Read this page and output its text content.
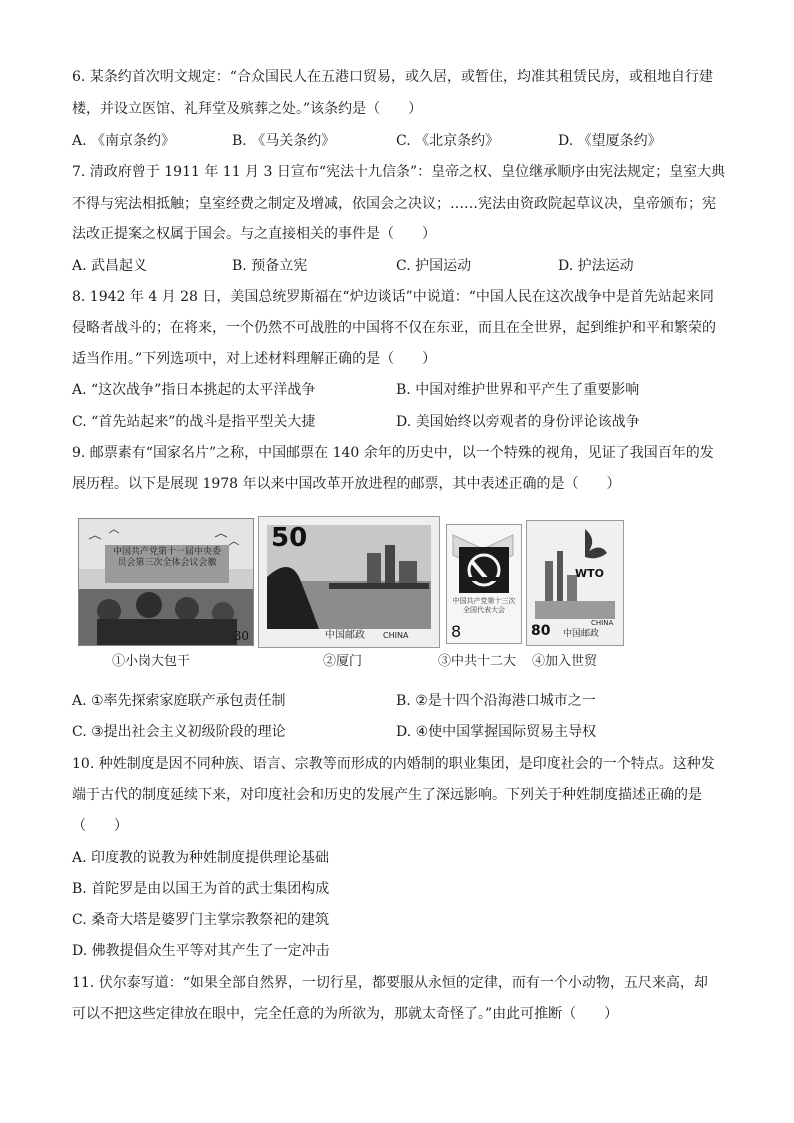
6. 某条约首次明文规定：“合众国民人在五港口贸易，或久居，或暂住，均准其租赁民房，或租地自行建
楼，并设立医馆、礼拜堂及殡葬之处。”该条约是（　　）
A. 《南京条约》	B. 《马关条约》	C. 《北京条约》	D. 《望厦条约》
7. 清政府曾于 1911 年 11 月 3 日宣布“宪法十九信条”：皇帝之权、皇位继承顺序由宪法规定；皇室大典
不得与宪法相抵触；皇室经费之制定及增减，依国会之决议；……宪法由资政院起草议决，皇帝颁布；宪
法改正提案之权属于国会。与之直接相关的事件是（　　）
A. 武昌起义	B. 预备立宪	C. 护国运动	D. 护法运动
8. 1942 年 4 月 28 日，美国总统罗斯福在“炉边谈话”中说道：“中国人民在这次战争中是首先站起来同
侵略者战斗的；在将来，一个仍然不可战胜的中国将不仅在东亚，而且在全世界，起到维护和平和繁荣的
适当作用。”下列选项中，对上述材料理解正确的是（　　）
A. “这次战争”指日本挑起的太平洋战争	B. 中国对维护世界和平产生了重要影响
C. “首先站起来”的战斗是指平型关大捷	D. 美国始终以旁观者的身份评论该战争
9. 邮票素有“国家名片”之称，中国邮票在 140 余年的历史中，以一个特殊的视角，见证了我国百年的发
展历程。以下是展现 1978 年以来中国改革开放进程的邮票，其中表述正确的是（　　）
中国共产党第十一届中央委员会第三次全体会议会徽
30
50
中国邮政 CHINA
中国共产党第十三次全国代表大会
8
WTO
80 中国邮政
CHINA
①小岗大包干	②厦门	③中共十二大 ④加入世贸
A. ①率先探索家庭联产承包责任制	B. ②是十四个沿海港口城市之一
C. ③提出社会主义初级阶段的理论	D. ④使中国掌握国际贸易主导权
10. 种姓制度是因不同种族、语言、宗教等而形成的内婚制的职业集团，是印度社会的一个特点。这种发
端于古代的制度延续下来，对印度社会和历史的发展产生了深远影响。下列关于种姓制度描述正确的是
（　　）
A. 印度教的说教为种姓制度提供理论基础
B. 首陀罗是由以国王为首的武士集团构成
C. 桑奇大塔是婆罗门主掌宗教祭祀的建筑
D. 佛教提倡众生平等对其产生了一定冲击
11. 伏尔泰写道：“如果全部自然界，一切行星，都要服从永恒的定律，而有一个小动物，五尺来高，却
可以不把这些定律放在眼中，完全任意的为所欲为，那就太奇怪了。”由此可推断（　　）
